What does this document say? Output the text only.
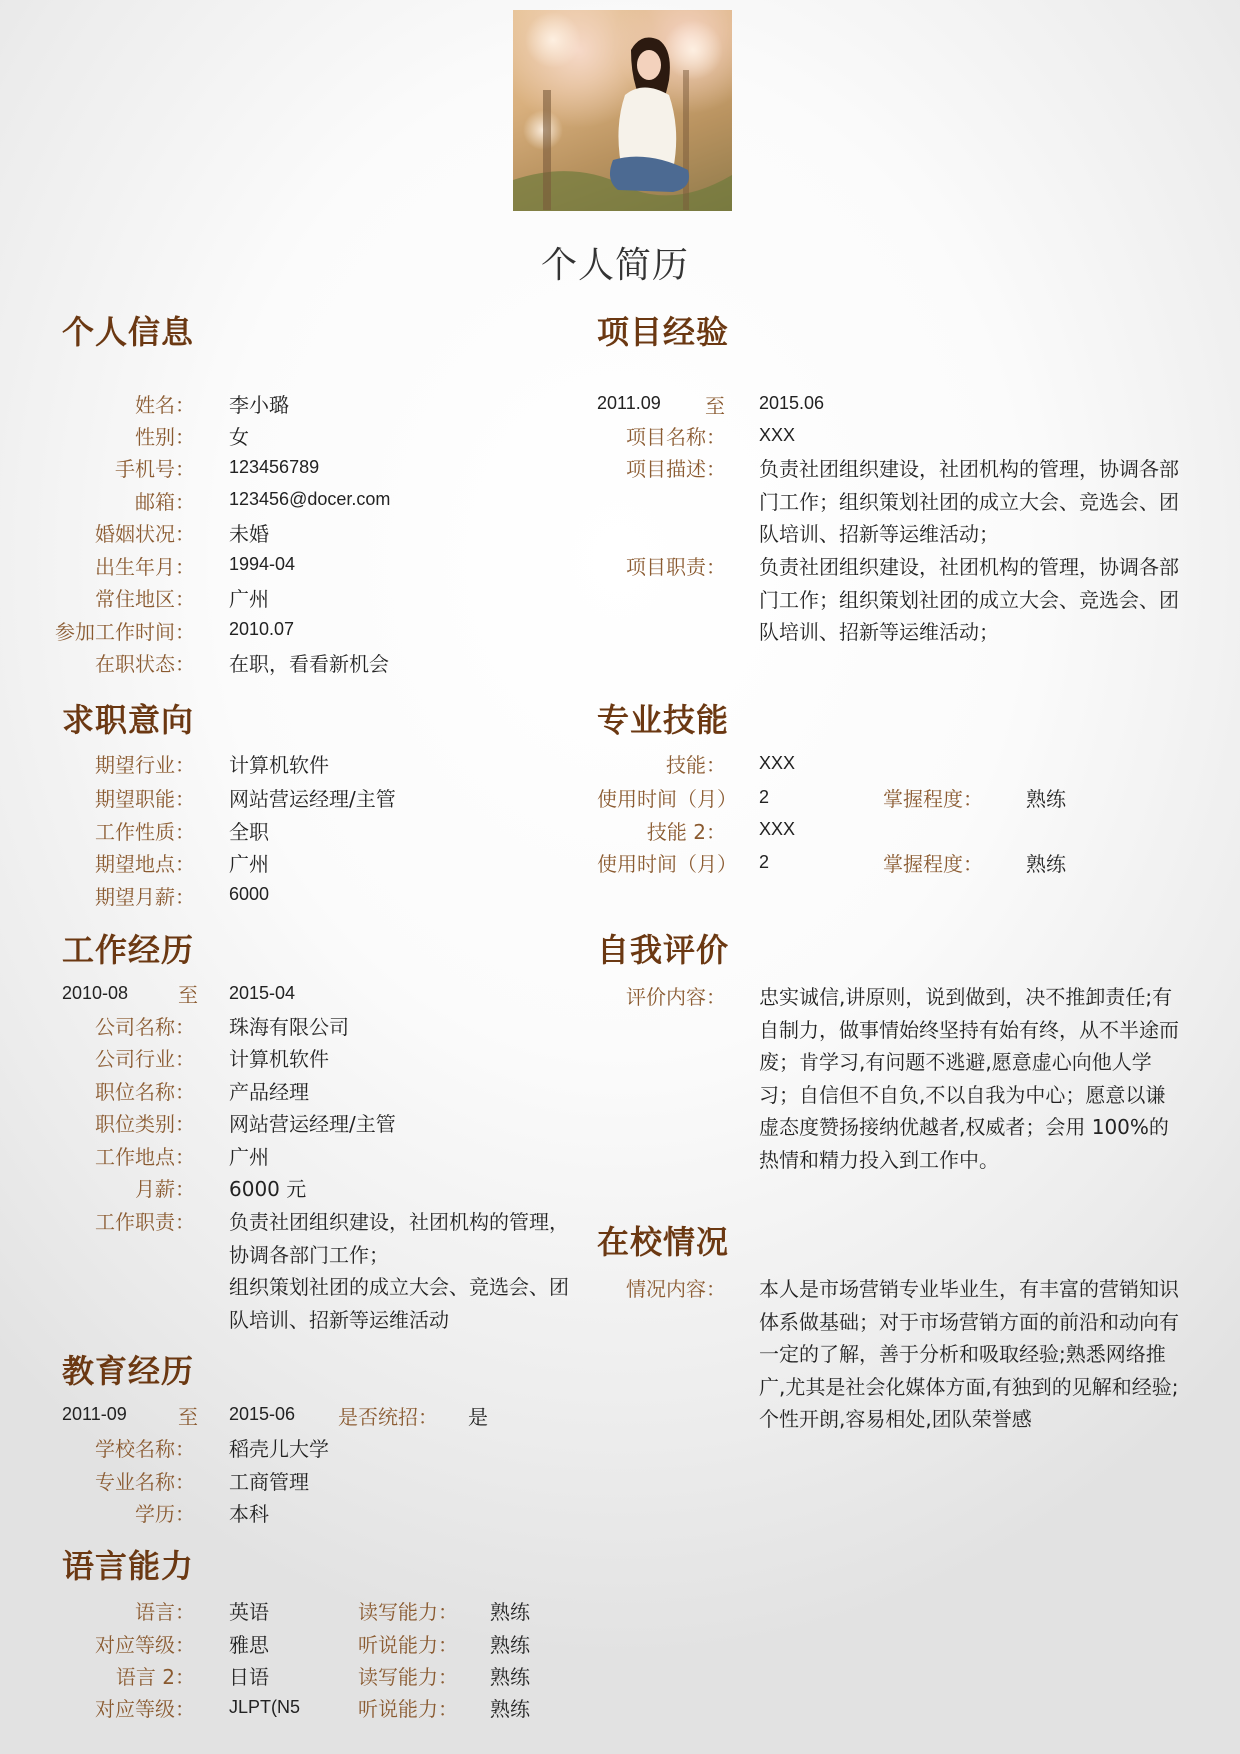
个人简历
个人信息
姓名： 李小璐
性别： 女
手机号： 123456789
邮箱： 123456@docer.com
婚姻状况： 未婚
出生年月： 1994-04
常住地区： 广州
参加工作时间： 2010.07
在职状态： 在职，看看新机会
求职意向
期望行业： 计算机软件
期望职能： 网站营运经理/主管
工作性质： 全职
期望地点： 广州
期望月薪： 6000
工作经历
2010-08 至 2015-04
公司名称： 珠海有限公司
公司行业： 计算机软件
职位名称： 产品经理
职位类别： 网站营运经理/主管
工作地点： 广州
月薪： 6000 元
工作职责： 负责社团组织建设，社团机构的管理，协调各部门工作；
组织策划社团的成立大会、竞选会、团队培训、招新等运维活动
教育经历
2011-09	至 2015-06 是否统招： 是
学校名称： 稻壳儿大学
专业名称： 工商管理
学历： 本科
语言能力
语言： 英语	读写能力： 熟练
对应等级： 雅思	听说能力： 熟练
语言 2： 日语	读写能力： 熟练
对应等级： JLPT(N5	听说能力： 熟练
项目经验
2011.09 至 2015.06
项目名称： XXX
项目描述： 负责社团组织建设，社团机构的管理，协调各部门工作；组织策划社团的成立大会、竞选会、团队培训、招新等运维活动；
项目职责： 负责社团组织建设，社团机构的管理，协调各部门工作；组织策划社团的成立大会、竞选会、团队培训、招新等运维活动；
专业技能
技能： XXX
使用时间（月） 2	掌握程度： 熟练
技能 2： XXX
使用时间（月） 2	掌握程度： 熟练
自我评价
评价内容： 忠实诚信,讲原则，说到做到，决不推卸责任;有自制力，做事情始终坚持有始有终，从不半途而废；肯学习,有问题不逃避,愿意虚心向他人学习；自信但不自负,不以自我为中心；愿意以谦虚态度赞扬接纳优越者,权威者；会用 100%的热情和精力投入到工作中。
在校情况
情况内容： 本人是市场营销专业毕业生，有丰富的营销知识体系做基础；对于市场营销方面的前沿和动向有一定的了解，善于分析和吸取经验;熟悉网络推广,尤其是社会化媒体方面,有独到的见解和经验;个性开朗,容易相处,团队荣誉感
